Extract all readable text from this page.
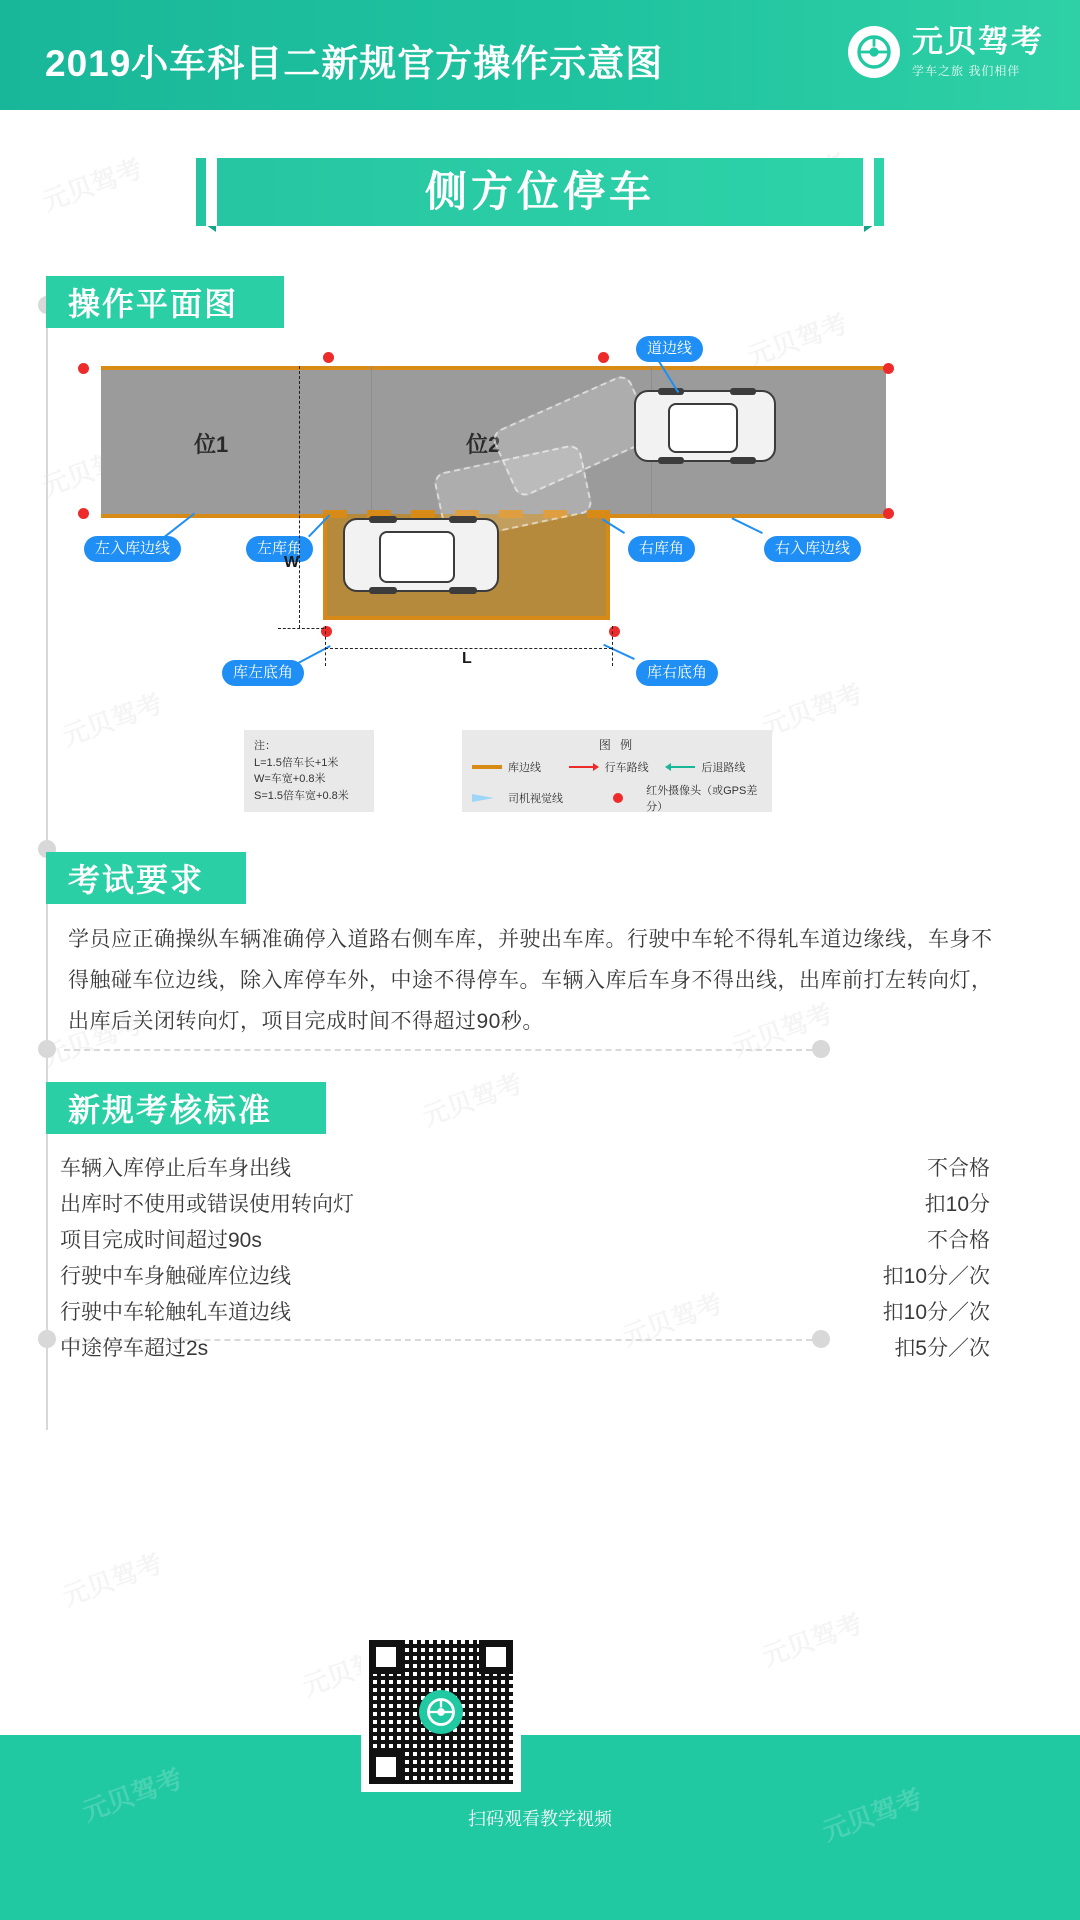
2019小车科目二新规官方操作示意图
元贝驾考
学车之旅 我们相伴
侧方位停车
操作平面图
位1	位2
道边线
左入库边线	左库角	右库角	右入库边线
库左底角	库右底角
W
L
注：
L=1.5倍车长+1米
W=车宽+0.8米
S=1.5倍车宽+0.8米
图 例
库边线	行车路线	后退路线
司机视觉线
红外摄像头（或GPS差分）
考试要求
学员应正确操纵车辆准确停入道路右侧车库，并驶出车库。行驶中车轮不得轧车道边缘线，车身不得触碰车位边线，除入库停车外，中途不得停车。车辆入库后车身不得出线，出库前打左转向灯，出库后关闭转向灯，项目完成时间不得超过90秒。
新规考核标准
车辆入库停止后车身出线	不合格
出库时不使用或错误使用转向灯	扣10分
项目完成时间超过90s	不合格
行驶中车身触碰库位边线	扣10分／次
行驶中车轮触轧车道边线	扣10分／次
中途停车超过2s	扣5分／次
元贝驾考	元贝驾考
数据来源：元贝驾考
扫码观看教学视频
